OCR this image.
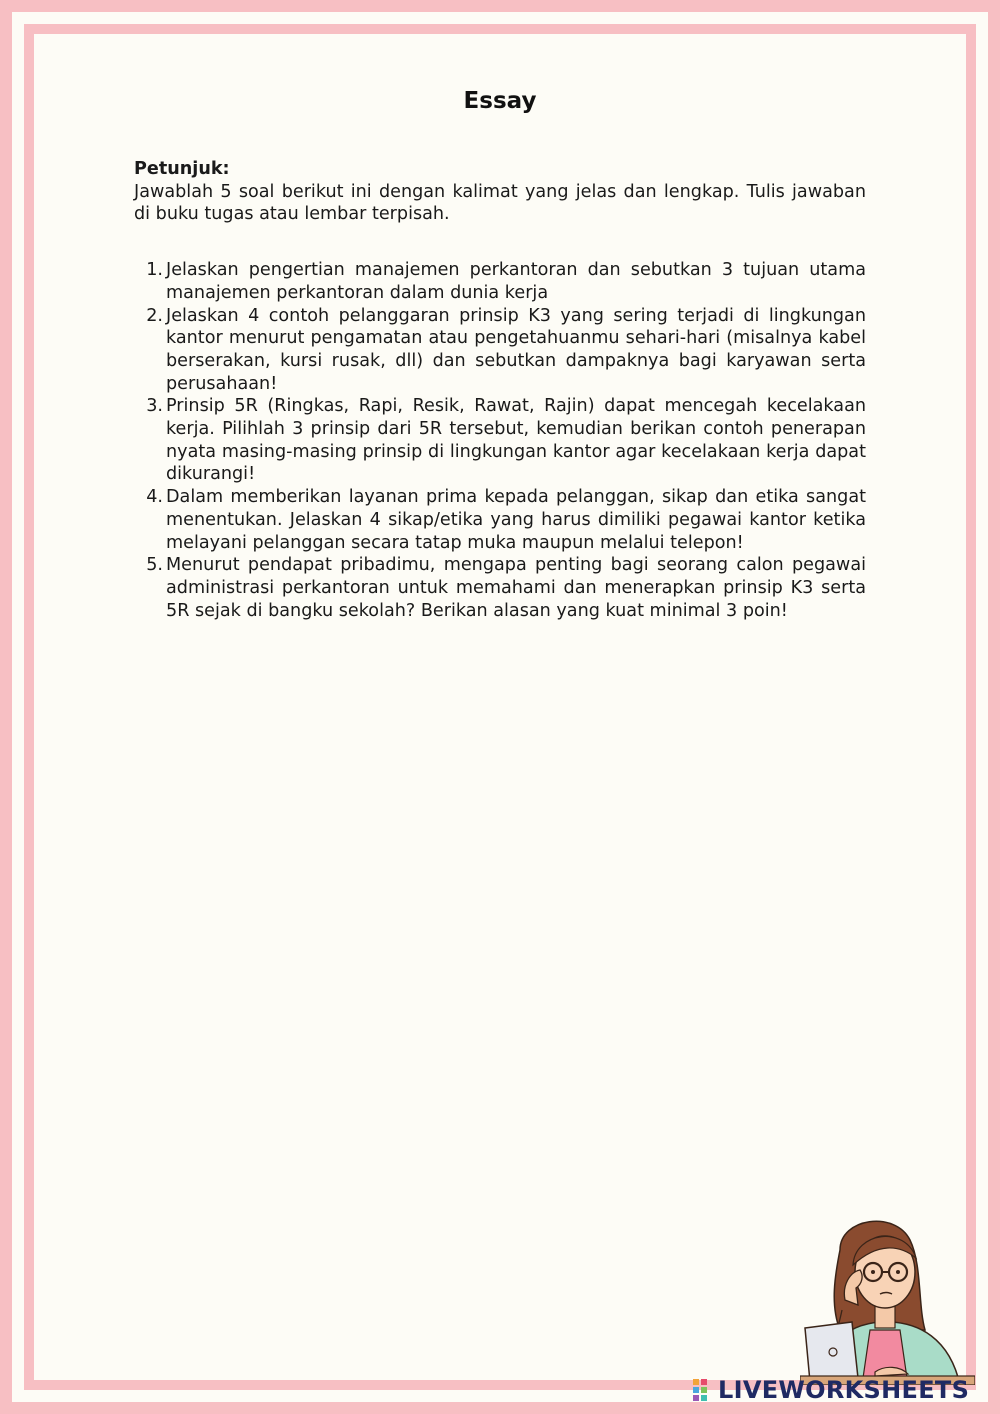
Essay
Petunjuk:
Jawablah 5 soal berikut ini dengan kalimat yang jelas dan lengkap. Tulis jawaban di buku tugas atau lembar terpisah.
1. Jelaskan pengertian manajemen perkantoran dan sebutkan 3 tujuan utama manajemen perkantoran dalam dunia kerja
2. Jelaskan 4 contoh pelanggaran prinsip K3 yang sering terjadi di lingkungan kantor menurut pengamatan atau pengetahuanmu sehari-hari (misalnya kabel berserakan, kursi rusak, dll) dan sebutkan dampaknya bagi karyawan serta perusahaan!
3. Prinsip 5R (Ringkas, Rapi, Resik, Rawat, Rajin) dapat mencegah kecelakaan kerja. Pilihlah 3 prinsip dari 5R tersebut, kemudian berikan contoh penerapan nyata masing-masing prinsip di lingkungan kantor agar kecelakaan kerja dapat dikurangi!
4. Dalam memberikan layanan prima kepada pelanggan, sikap dan etika sangat menentukan. Jelaskan 4 sikap/etika yang harus dimiliki pegawai kantor ketika melayani pelanggan secara tatap muka maupun melalui telepon!
5. Menurut pendapat pribadimu, mengapa penting bagi seorang calon pegawai administrasi perkantoran untuk memahami dan menerapkan prinsip K3 serta 5R sejak di bangku sekolah? Berikan alasan yang kuat minimal 3 poin!
LIVEWORKSHEETS
